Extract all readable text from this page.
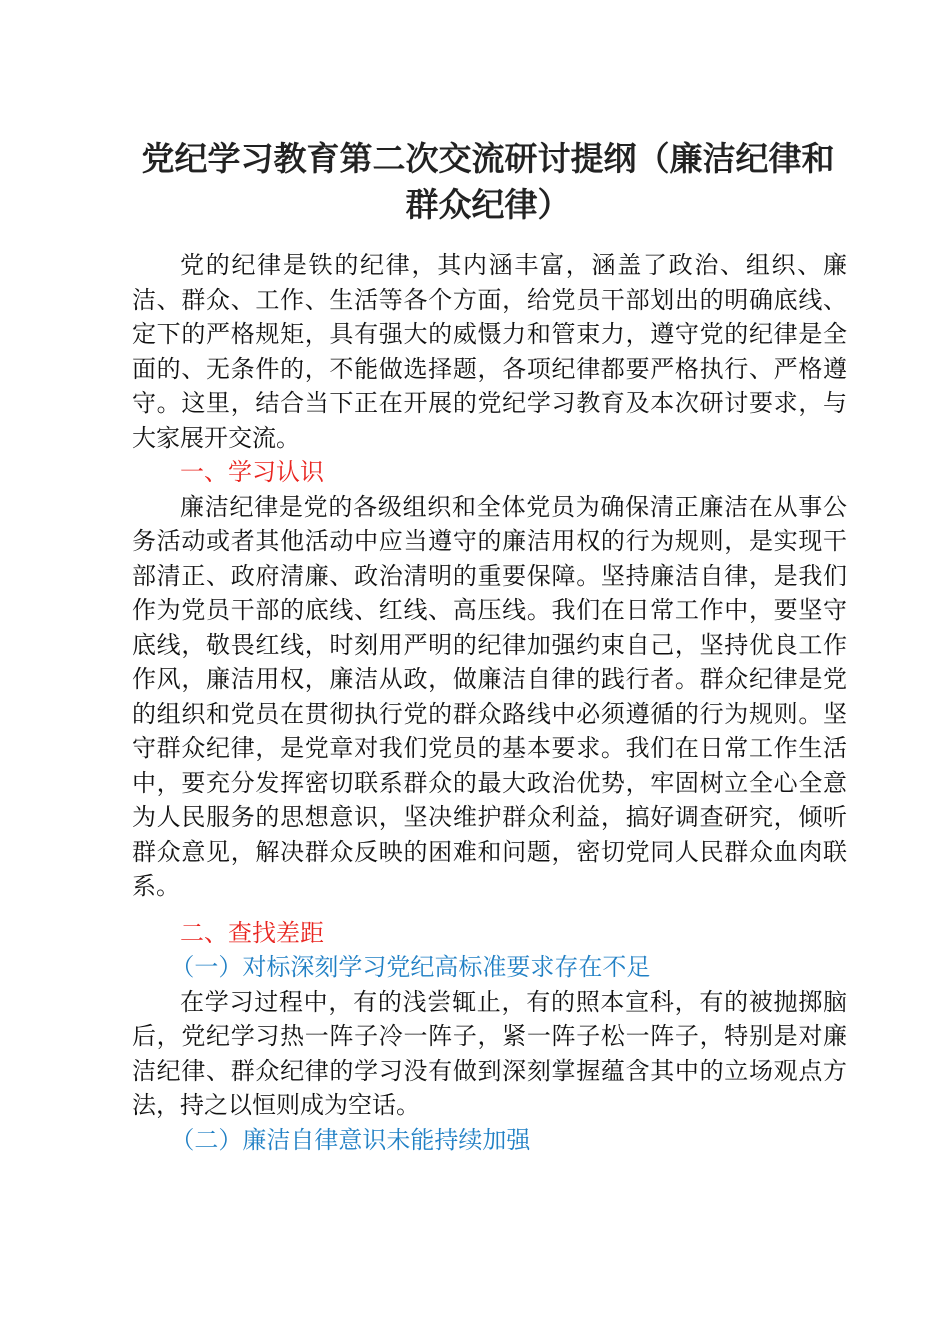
党纪学习教育第二次交流研讨提纲（廉洁纪律和群众纪律）

党的纪律是铁的纪律，其内涵丰富，涵盖了政治、组织、廉洁、群众、工作、生活等各个方面，给党员干部划出的明确底线、定下的严格规矩，具有强大的威慑力和管束力，遵守党的纪律是全面的、无条件的，不能做选择题，各项纪律都要严格执行、严格遵守。这里，结合当下正在开展的党纪学习教育及本次研讨要求，与大家展开交流。

一、学习认识

廉洁纪律是党的各级组织和全体党员为确保清正廉洁在从事公务活动或者其他活动中应当遵守的廉洁用权的行为规则，是实现干部清正、政府清廉、政治清明的重要保障。坚持廉洁自律，是我们作为党员干部的底线、红线、高压线。我们在日常工作中，要坚守底线，敬畏红线，时刻用严明的纪律加强约束自己，坚持优良工作作风，廉洁用权，廉洁从政，做廉洁自律的践行者。群众纪律是党的组织和党员在贯彻执行党的群众路线中必须遵循的行为规则。坚守群众纪律，是党章对我们党员的基本要求。我们在日常工作生活中，要充分发挥密切联系群众的最大政治优势，牢固树立全心全意为人民服务的思想意识，坚决维护群众利益，搞好调查研究，倾听群众意见，解决群众反映的困难和问题，密切党同人民群众血肉联系。

二、查找差距

（一）对标深刻学习党纪高标准要求存在不足

在学习过程中，有的浅尝辄止，有的照本宣科，有的被抛掷脑后，党纪学习热一阵子冷一阵子，紧一阵子松一阵子，特别是对廉洁纪律、群众纪律的学习没有做到深刻掌握蕴含其中的立场观点方法，持之以恒则成为空话。

（二）廉洁自律意识未能持续加强
